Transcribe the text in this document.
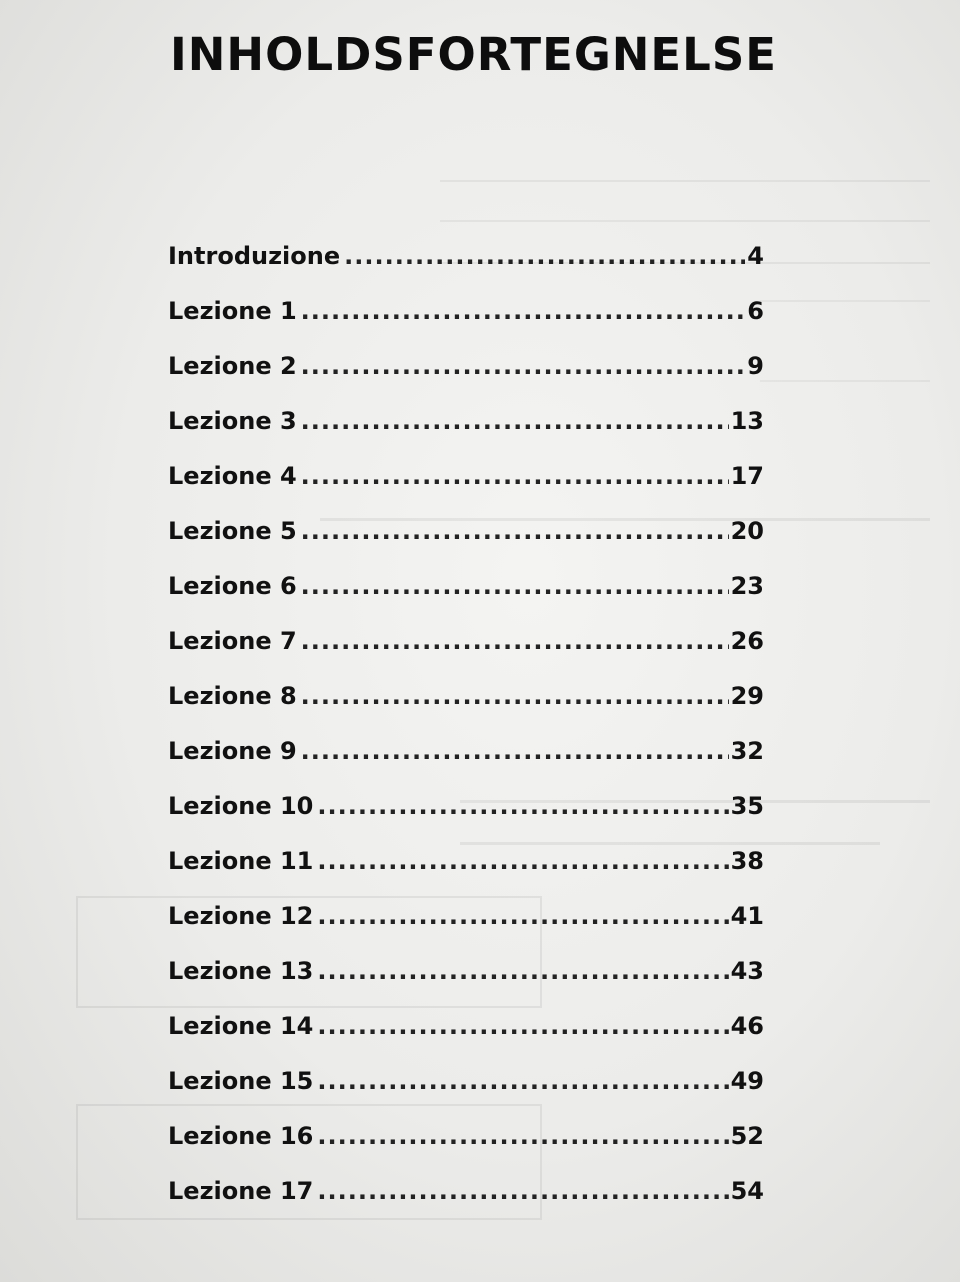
INHOLDSFORTEGNELSE
Introduzione .....	4
Lezione 1 .....	6
Lezione 2 .....	9
Lezione 3 .....	13
Lezione 4 .....	17
Lezione 5 .....	20
Lezione 6 .....	23
Lezione 7 .....	26
Lezione 8 .....	29
Lezione 9 .....	32
Lezione 10 .....	35
Lezione 11 .....	38
Lezione 12 .....	41
Lezione 13 .....	43
Lezione 14 .....	46
Lezione 15 .....	49
Lezione 16 .....	52
Lezione 17 .....	54
